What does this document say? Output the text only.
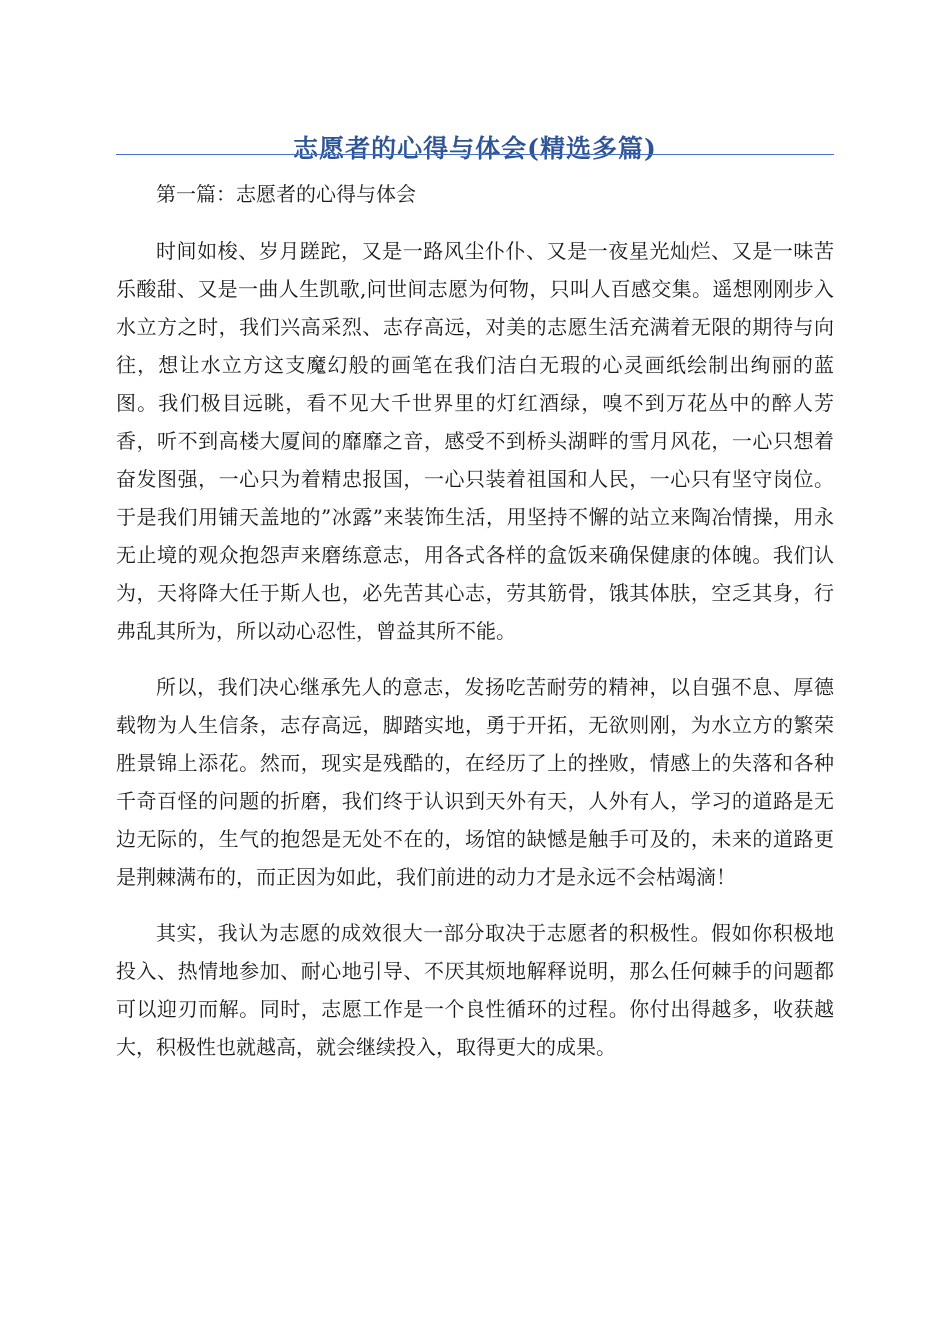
志愿者的心得与体会(精选多篇)

第一篇：志愿者的心得与体会

时间如梭、岁月蹉跎，又是一路风尘仆仆、又是一夜星光灿烂、又是一味苦乐酸甜、又是一曲人生凯歌,问世间志愿为何物，只叫人百感交集。遥想刚刚步入水立方之时，我们兴高采烈、志存高远，对美的志愿生活充满着无限的期待与向往，想让水立方这支魔幻般的画笔在我们洁白无瑕的心灵画纸绘制出绚丽的蓝图。我们极目远眺，看不见大千世界里的灯红酒绿，嗅不到万花丛中的醉人芳香，听不到高楼大厦间的靡靡之音，感受不到桥头湖畔的雪月风花，一心只想着奋发图强，一心只为着精忠报国，一心只装着祖国和人民，一心只有坚守岗位。于是我们用铺天盖地的”冰露”来装饰生活，用坚持不懈的站立来陶冶情操，用永无止境的观众抱怨声来磨练意志，用各式各样的盒饭来确保健康的体魄。我们认为，天将降大任于斯人也，必先苦其心志，劳其筋骨，饿其体肤，空乏其身，行弗乱其所为，所以动心忍性，曾益其所不能。

所以，我们决心继承先人的意志，发扬吃苦耐劳的精神，以自强不息、厚德载物为人生信条，志存高远，脚踏实地，勇于开拓，无欲则刚，为水立方的繁荣胜景锦上添花。然而，现实是残酷的，在经历了上的挫败，情感上的失落和各种千奇百怪的问题的折磨，我们终于认识到天外有天，人外有人，学习的道路是无边无际的，生气的抱怨是无处不在的，场馆的缺憾是触手可及的，未来的道路更是荆棘满布的，而正因为如此，我们前进的动力才是永远不会枯竭滴！

其实，我认为志愿的成效很大一部分取决于志愿者的积极性。假如你积极地投入、热情地参加、耐心地引导、不厌其烦地解释说明，那么任何棘手的问题都可以迎刃而解。同时，志愿工作是一个良性循环的过程。你付出得越多，收获越大，积极性也就越高，就会继续投入，取得更大的成果。
